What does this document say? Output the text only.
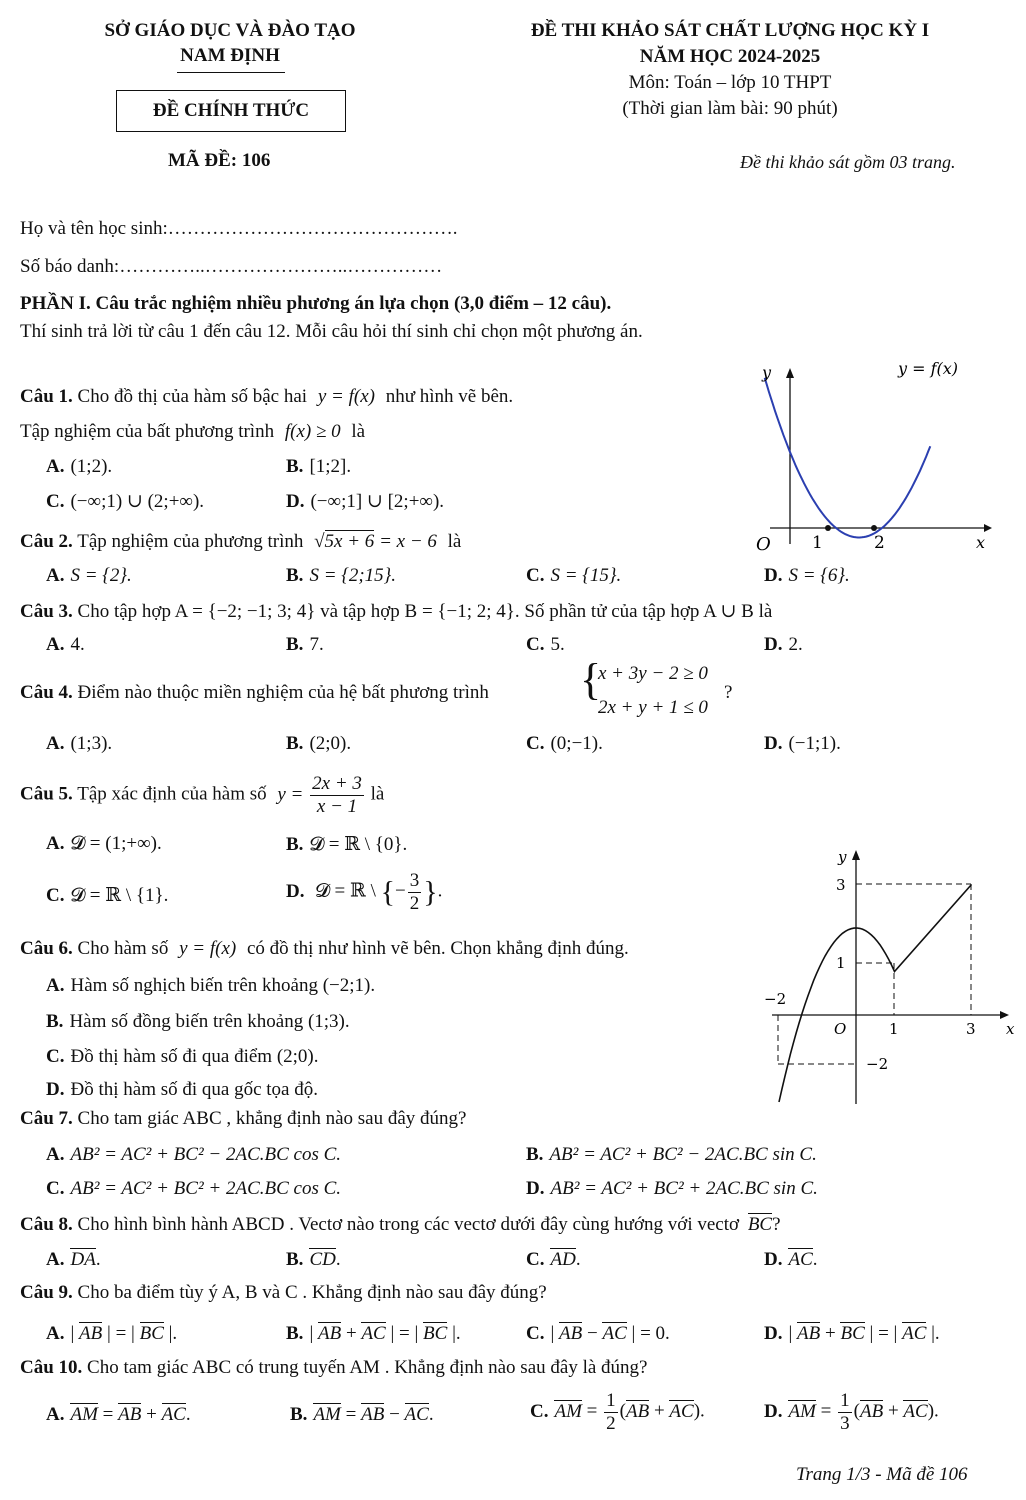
SỞ GIÁO DỤC VÀ ĐÀO TẠO
NAM ĐỊNH
ĐỀ THI KHẢO SÁT CHẤT LƯỢNG HỌC KỲ I
NĂM HỌC 2024-2025
Môn: Toán – lớp 10 THPT
(Thời gian làm bài: 90 phút)
ĐỀ CHÍNH THỨC
MÃ ĐỀ: 106	Đề thi khảo sát gồm 03 trang.
Họ và tên học sinh:……………………………………….
Số báo danh:…………..…………………..……………
PHẦN I. Câu trắc nghiệm nhiều phương án lựa chọn (3,0 điểm – 12 câu).
Thí sinh trả lời từ câu 1 đến câu 12. Mỗi câu hỏi thí sinh chỉ chọn một phương án.
y	y = f(x)
O 1	2	x
Câu 1. Cho đồ thị của hàm số bậc hai y = f(x) như hình vẽ bên.
Tập nghiệm của bất phương trình f(x) ≥ 0 là
A. (1;2).	B. [1;2].
C. (−∞;1) ∪ (2;+∞).	D. (−∞;1] ∪ [2;+∞).
Câu 2. Tập nghiệm của phương trình √5x + 6 = x − 6 là
A. S = {2}.	B. S = {2;15}.	C. S = {15}.	D. S = {6}.
Câu 3. Cho tập hợp A = {−2; −1; 3; 4} và tập hợp B = {−1; 2; 4}. Số phần tử của tập hợp A ∪ B là
A. 4.	B. 7.	C. 5.	D. 2.
Câu 4. Điểm nào thuộc miền nghiệm của hệ bất phương trình {
x + 3y − 2 ≥ 0
2x + y + 1 ≤ 0
?
A. (1;3).	B. (2;0).	C. (0;−1).	D. (−1;1).
Câu 5. Tập xác định của hàm số $y = \frac{2x + 3}{x - 1}$ là
A. 𝓓 = (1;+∞).	B. 𝓓 = ℝ \ {0}.
C. 𝓓 = ℝ \ {1}.	D. 𝓓 = ℝ \ {− $\frac{3}{2}$ }.
y
3
1
−2
O	1	3 x
−2
Câu 6. Cho hàm số y = f(x) có đồ thị như hình vẽ bên. Chọn khẳng định đúng.
A. Hàm số nghịch biến trên khoảng (−2;1).
B. Hàm số đồng biến trên khoảng (1;3).
C. Đồ thị hàm số đi qua điểm (2;0).
D. Đồ thị hàm số đi qua gốc tọa độ.
Câu 7. Cho tam giác ABC , khẳng định nào sau đây đúng?
A. AB² = AC² + BC² − 2AC.BC cos C.	B. AB² = AC² + BC² − 2AC.BC sin C.
C. AB² = AC² + BC² + 2AC.BC cos C.	D. AB² = AC² + BC² + 2AC.BC sin C.
Câu 8. Cho hình bình hành ABCD . Vectơ nào trong các vectơ dưới đây cùng hướng với vectơ BC?
A. DA.	B. CD.	C. AD.	D. AC.
Câu 9. Cho ba điểm tùy ý A, B và C . Khẳng định nào sau đây đúng?
A. | AB | = | BC |.	B. | AB + AC | = | BC |.	C. | AB − AC | = 0.	D. | AB + BC | = | AC |.
Câu 10. Cho tam giác ABC có trung tuyến AM . Khẳng định nào sau đây là đúng?
A. AM = AB + AC.	B. AM = AB − AC.	C. AM = $\frac{1}{2} (AB + AC)$.	D. AM = $\frac{1}{3} (AB + AC)$.
Trang 1/3 - Mã đề 106
